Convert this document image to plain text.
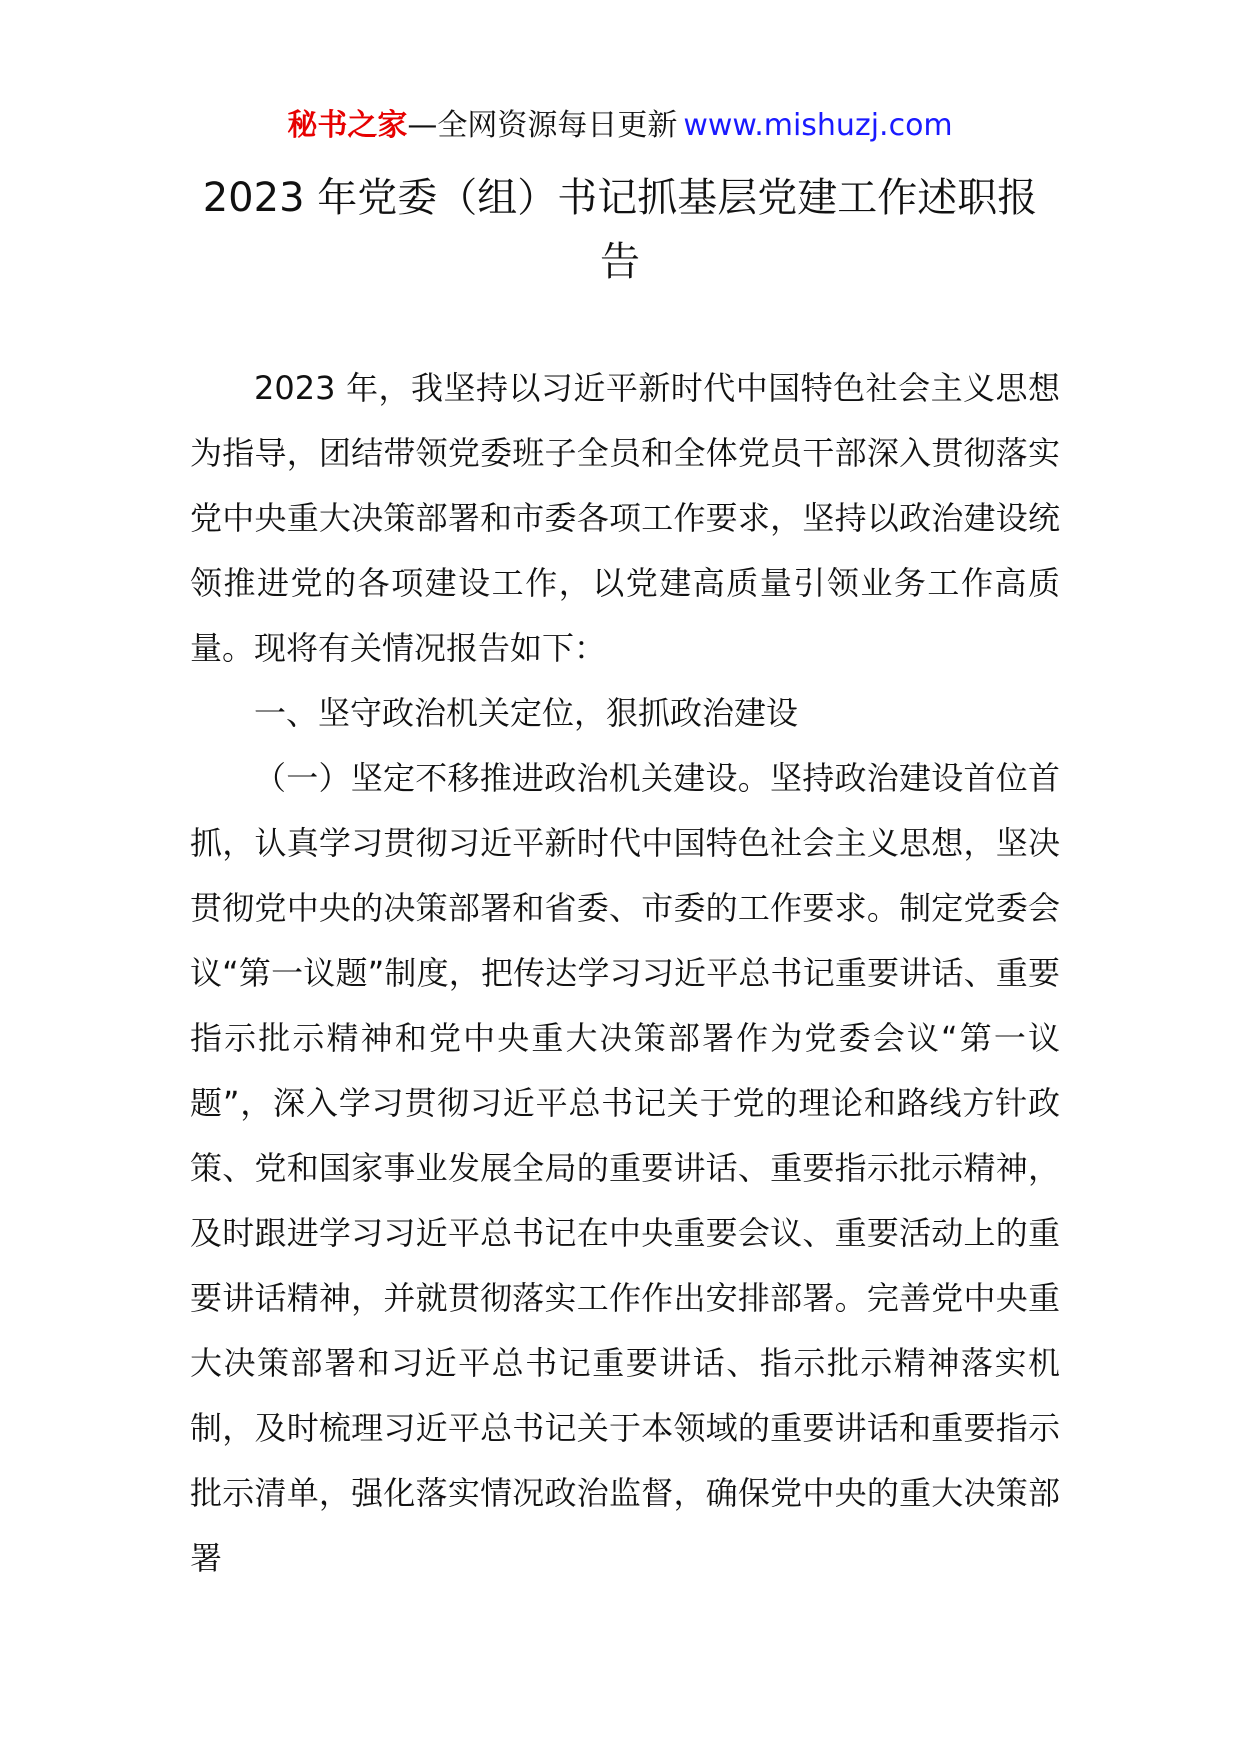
秘书之家—全网资源每日更新 www.mishuzj.com
2023 年党委（组）书记抓基层党建工作述职报告

2023 年，我坚持以习近平新时代中国特色社会主义思想为指导，团结带领党委班子全员和全体党员干部深入贯彻落实党中央重大决策部署和市委各项工作要求，坚持以政治建设统领推进党的各项建设工作，以党建高质量引领业务工作高质量。现将有关情况报告如下：

一、坚守政治机关定位，狠抓政治建设

（一）坚定不移推进政治机关建设。坚持政治建设首位首抓，认真学习贯彻习近平新时代中国特色社会主义思想，坚决贯彻党中央的决策部署和省委、市委的工作要求。制定党委会议“第一议题”制度，把传达学习习近平总书记重要讲话、重要指示批示精神和党中央重大决策部署作为党委会议“第一议题”，深入学习贯彻习近平总书记关于党的理论和路线方针政策、党和国家事业发展全局的重要讲话、重要指示批示精神，及时跟进学习习近平总书记在中央重要会议、重要活动上的重要讲话精神，并就贯彻落实工作作出安排部署。完善党中央重大决策部署和习近平总书记重要讲话、指示批示精神落实机制，及时梳理习近平总书记关于本领域的重要讲话和重要指示批示清单，强化落实情况政治监督，确保党中央的重大决策部署
